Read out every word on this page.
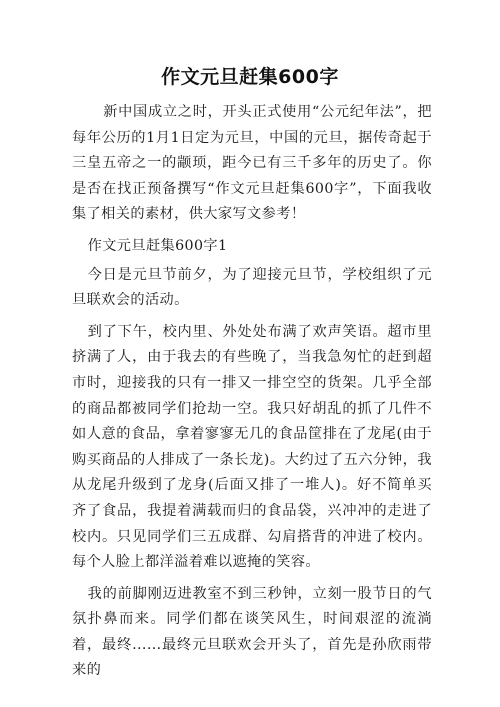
作文元旦赶集600字

新中国成立之时，开头正式使用“公元纪年法”，把每年公历的1月1日定为元旦，中国的元旦，据传奇起于三皇五帝之一的颛顼，距今已有三千多年的历史了。你是否在找正预备撰写“作文元旦赶集600字”，下面我收集了相关的素材，供大家写文参考！

作文元旦赶集600字1

今日是元旦节前夕，为了迎接元旦节，学校组织了元旦联欢会的活动。

到了下午，校内里、外处处布满了欢声笑语。超市里挤满了人，由于我去的有些晚了，当我急匆忙的赶到超市时，迎接我的只有一排又一排空空的货架。几乎全部的商品都被同学们抢劫一空。我只好胡乱的抓了几件不如人意的食品，拿着寥寥无几的食品筐排在了龙尾(由于购买商品的人排成了一条长龙)。大约过了五六分钟，我从龙尾升级到了龙身(后面又排了一堆人)。好不简单买齐了食品，我提着满载而归的食品袋，兴冲冲的走进了校内。只见同学们三五成群、勾肩搭背的冲进了校内。每个人脸上都洋溢着难以遮掩的笑容。

我的前脚刚迈进教室不到三秒钟，立刻一股节日的气氛扑鼻而来。同学们都在谈笑风生，时间艰涩的流淌着，最终......最终元旦联欢会开头了，首先是孙欣雨带来的
